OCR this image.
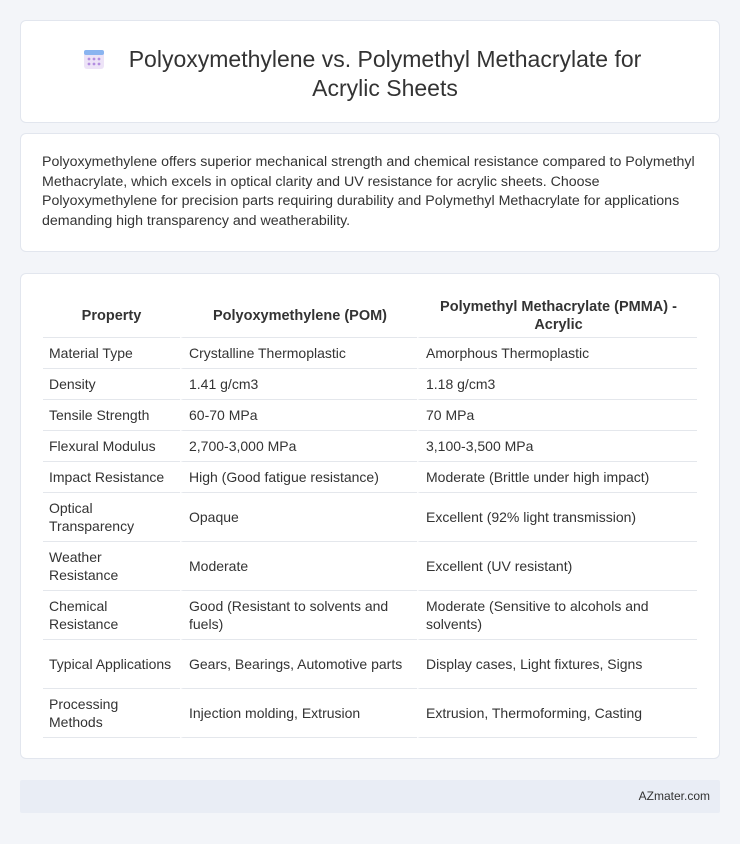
Polyoxymethylene vs. Polymethyl Methacrylate for Acrylic Sheets

Polyoxymethylene offers superior mechanical strength and chemical resistance compared to Polymethyl Methacrylate, which excels in optical clarity and UV resistance for acrylic sheets. Choose Polyoxymethylene for precision parts requiring durability and Polymethyl Methacrylate for applications demanding high transparency and weatherability.

Property	Polyoxymethylene (POM)	Polymethyl Methacrylate (PMMA) - Acrylic
Material Type	Crystalline Thermoplastic	Amorphous Thermoplastic
Density	1.41 g/cm3	1.18 g/cm3
Tensile Strength	60-70 MPa	70 MPa
Flexural Modulus	2,700-3,000 MPa	3,100-3,500 MPa
Impact Resistance	High (Good fatigue resistance)	Moderate (Brittle under high impact)
Optical Transparency	Opaque	Excellent (92% light transmission)
Weather Resistance	Moderate	Excellent (UV resistant)
Chemical Resistance	Good (Resistant to solvents and fuels)	Moderate (Sensitive to alcohols and solvents)
Typical Applications	Gears, Bearings, Automotive parts	Display cases, Light fixtures, Signs
Processing Methods	Injection molding, Extrusion	Extrusion, Thermoforming, Casting
AZmater.com
